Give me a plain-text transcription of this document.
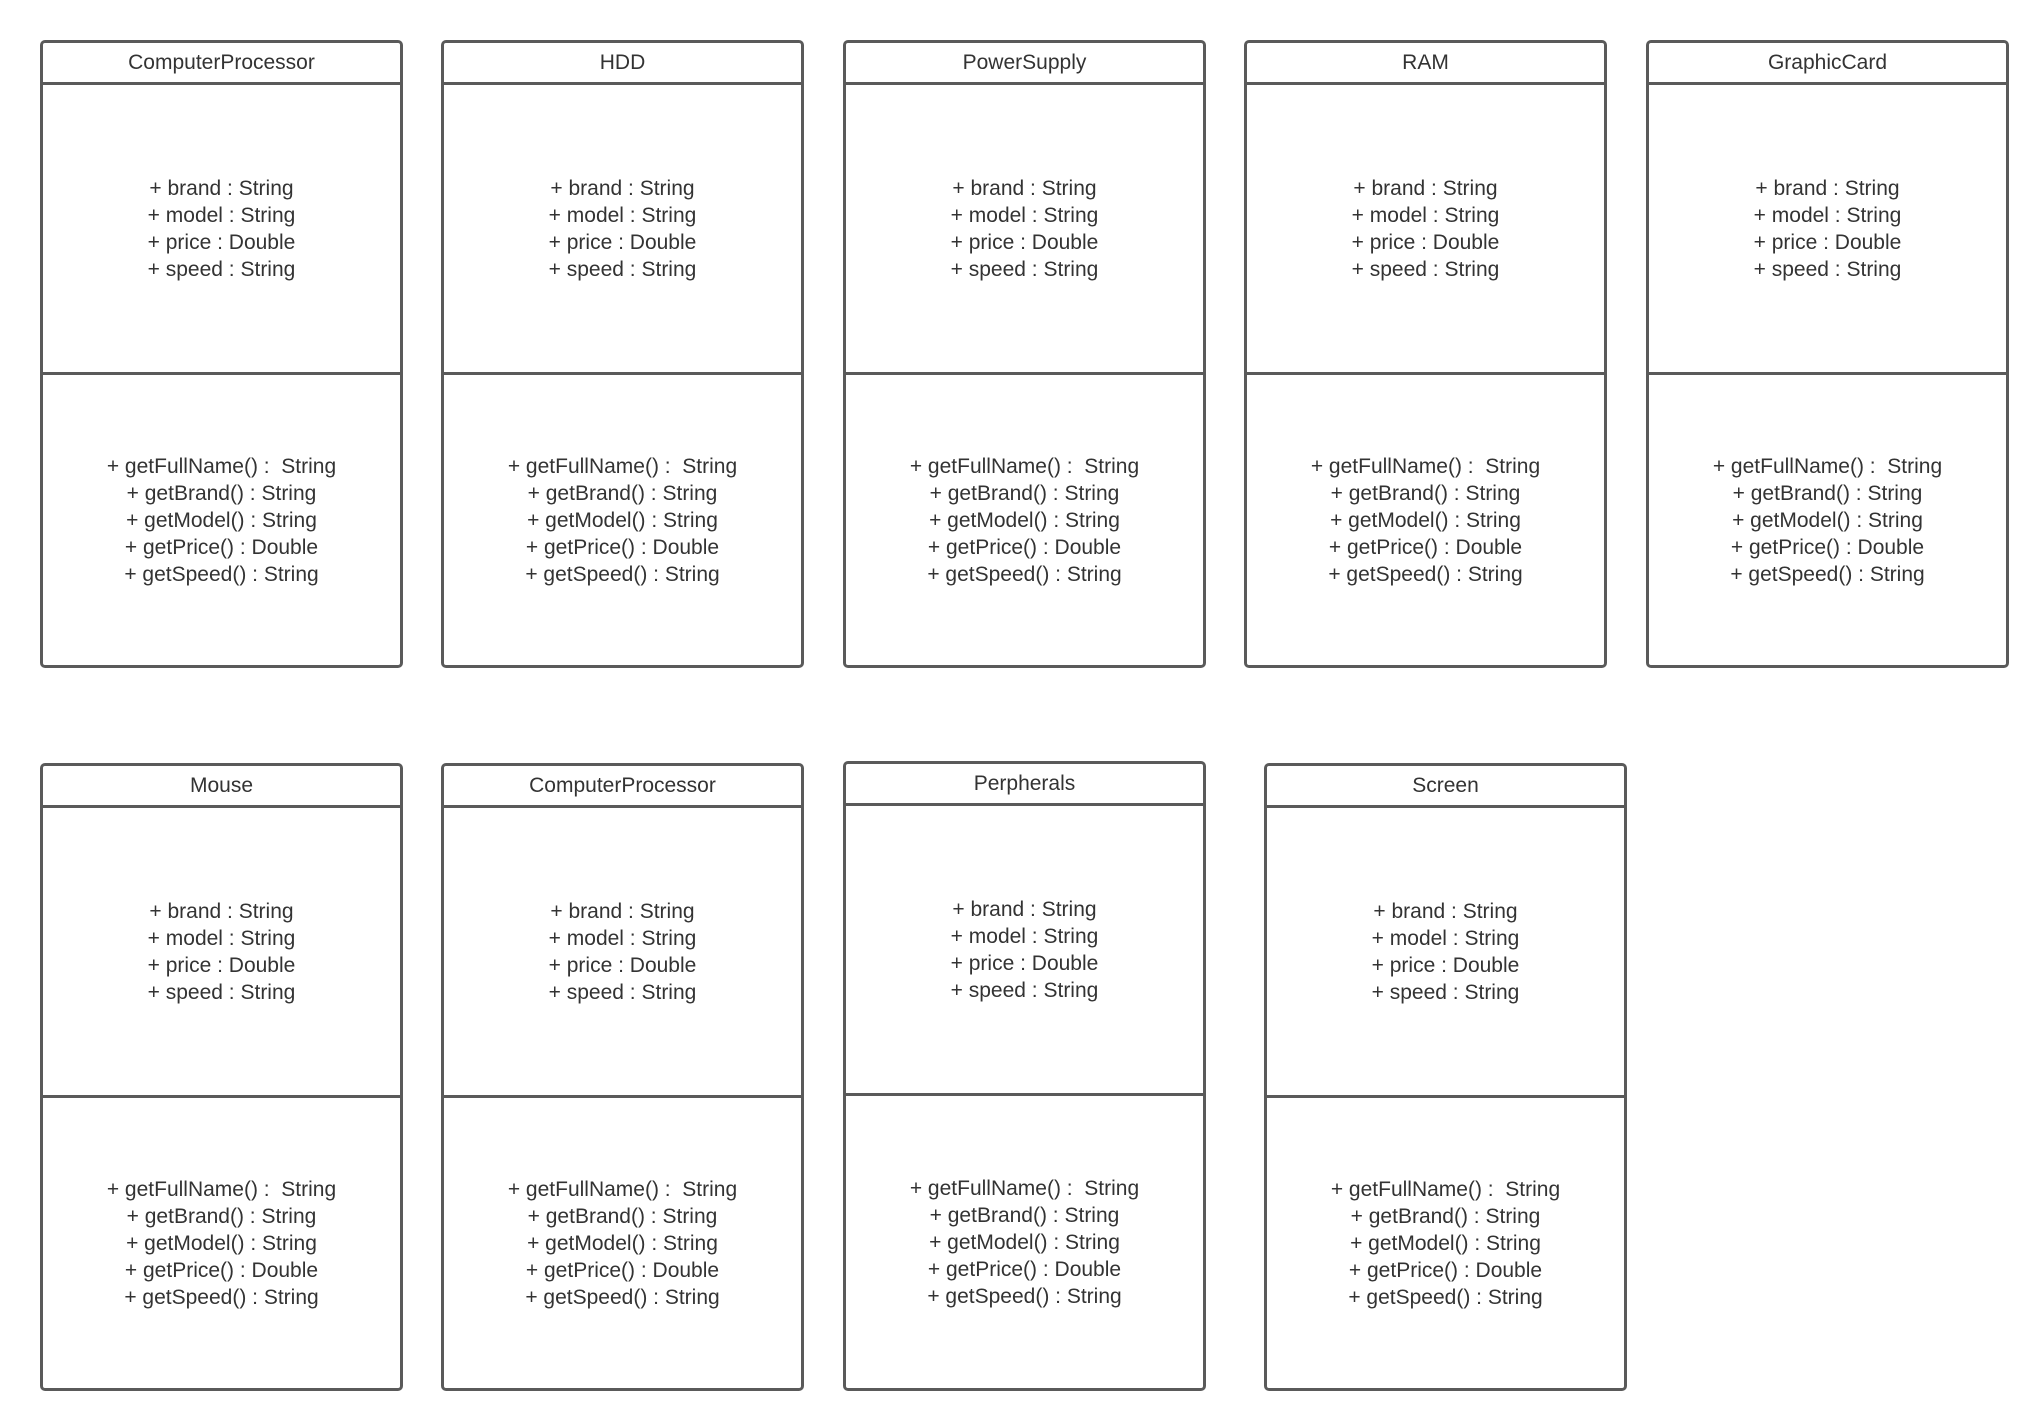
ComputerProcessor
+ brand : String
+ model : String
+ price : Double
+ speed : String
+ getFullName() :  String
+ getBrand() : String
+ getModel() : String
+ getPrice() : Double
+ getSpeed() : String
HDD
+ brand : String
+ model : String
+ price : Double
+ speed : String
+ getFullName() :  String
+ getBrand() : String
+ getModel() : String
+ getPrice() : Double
+ getSpeed() : String
PowerSupply
+ brand : String
+ model : String
+ price : Double
+ speed : String
+ getFullName() :  String
+ getBrand() : String
+ getModel() : String
+ getPrice() : Double
+ getSpeed() : String
RAM
+ brand : String
+ model : String
+ price : Double
+ speed : String
+ getFullName() :  String
+ getBrand() : String
+ getModel() : String
+ getPrice() : Double
+ getSpeed() : String
GraphicCard
+ brand : String
+ model : String
+ price : Double
+ speed : String
+ getFullName() :  String
+ getBrand() : String
+ getModel() : String
+ getPrice() : Double
+ getSpeed() : String
Mouse
+ brand : String
+ model : String
+ price : Double
+ speed : String
+ getFullName() :  String
+ getBrand() : String
+ getModel() : String
+ getPrice() : Double
+ getSpeed() : String
ComputerProcessor
+ brand : String
+ model : String
+ price : Double
+ speed : String
+ getFullName() :  String
+ getBrand() : String
+ getModel() : String
+ getPrice() : Double
+ getSpeed() : String
Perpherals
+ brand : String
+ model : String
+ price : Double
+ speed : String
+ getFullName() :  String
+ getBrand() : String
+ getModel() : String
+ getPrice() : Double
+ getSpeed() : String
Screen
+ brand : String
+ model : String
+ price : Double
+ speed : String
+ getFullName() :  String
+ getBrand() : String
+ getModel() : String
+ getPrice() : Double
+ getSpeed() : String
